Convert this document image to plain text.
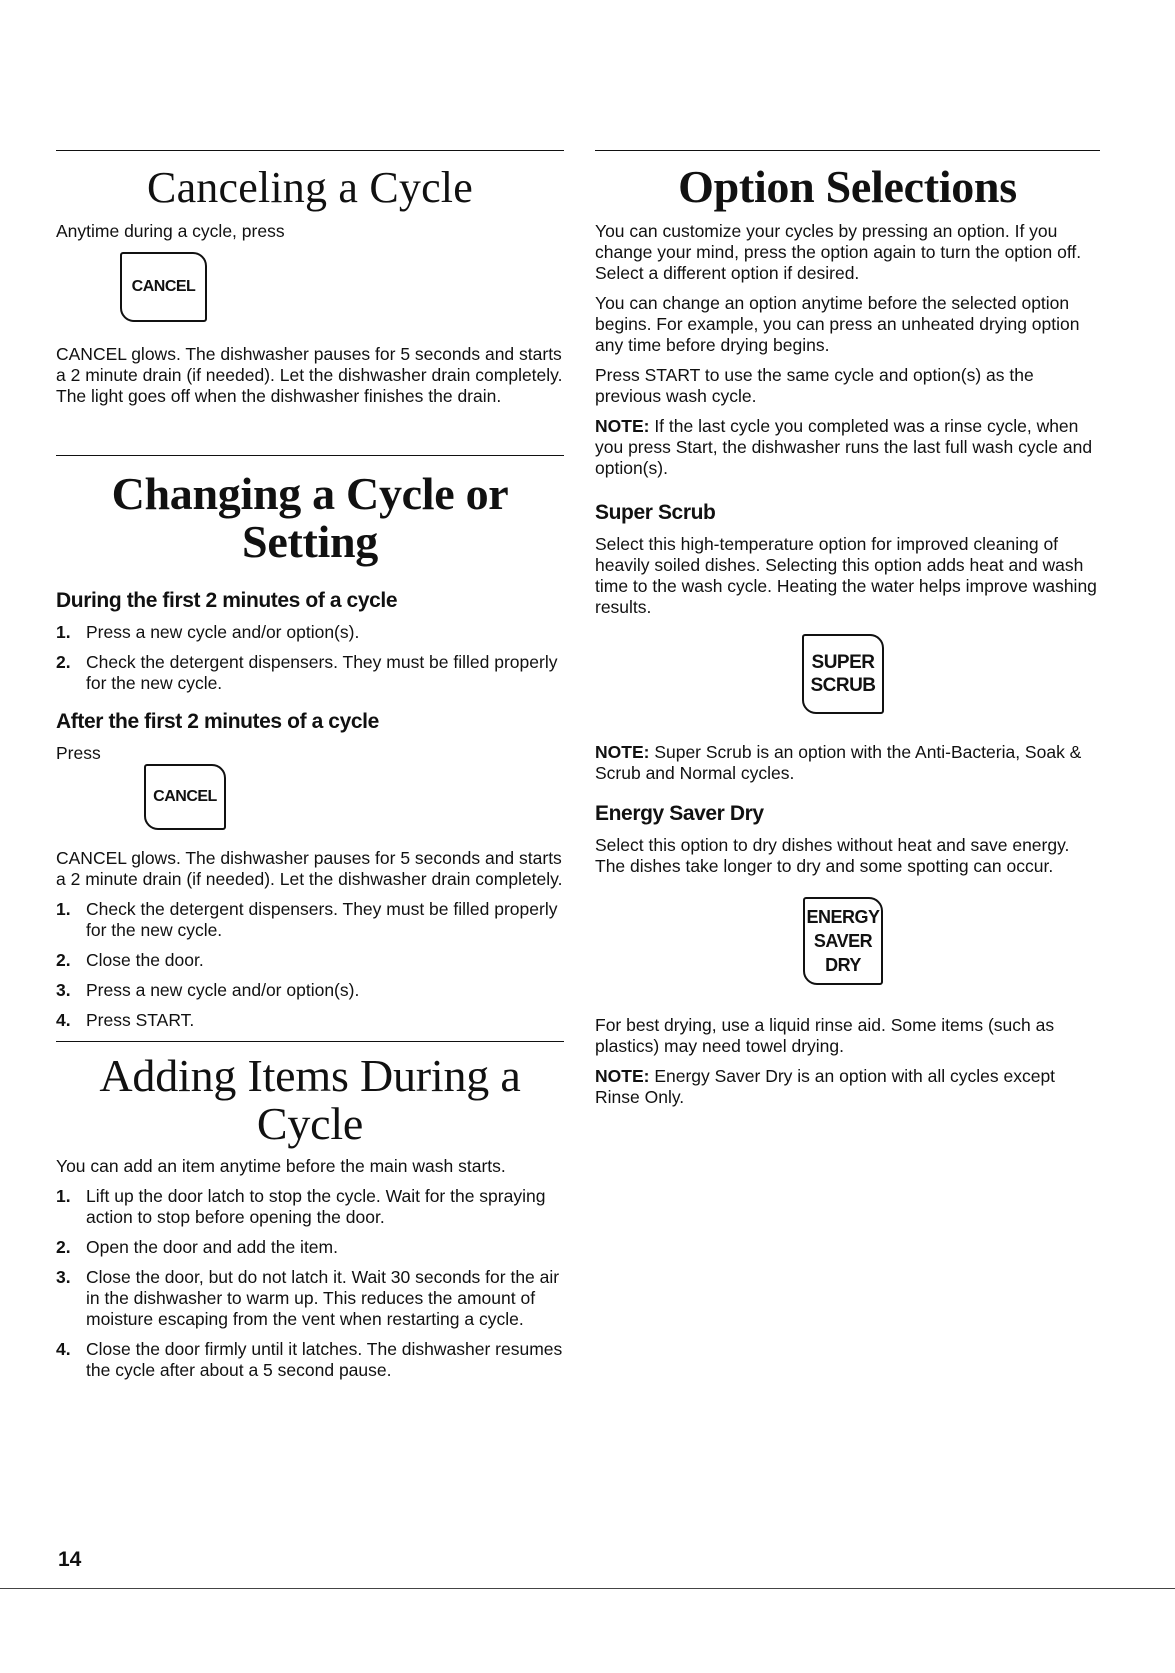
Canceling a Cycle

Anytime during a cycle, press

CANCEL

CANCEL glows. The dishwasher pauses for 5 seconds and starts a 2 minute drain (if needed). Let the dishwasher drain completely. The light goes off when the dishwasher finishes the drain.

Changing a Cycle or Setting
During the first 2 minutes of a cycle
1. Press a new cycle and/or option(s).
2. Check the detergent dispensers. They must be filled properly for the new cycle.
After the first 2 minutes of a cycle

Press

CANCEL

CANCEL glows. The dishwasher pauses for 5 seconds and starts a 2 minute drain (if needed). Let the dishwasher drain completely.

1. Check the detergent dispensers. They must be filled properly for the new cycle.
2. Close the door.
3. Press a new cycle and/or option(s).
4. Press START.
Adding Items During a Cycle

You can add an item anytime before the main wash starts.

1. Lift up the door latch to stop the cycle. Wait for the spraying action to stop before opening the door.
2. Open the door and add the item.
3. Close the door, but do not latch it. Wait 30 seconds for the air in the dishwasher to warm up. This reduces the amount of moisture escaping from the vent when restarting a cycle.
4. Close the door firmly until it latches. The dishwasher resumes the cycle after about a 5 second pause.
Option Selections

You can customize your cycles by pressing an option. If you change your mind, press the option again to turn the option off. Select a different option if desired.

You can change an option anytime before the selected option begins. For example, you can press an unheated drying option any time before drying begins.

Press START to use the same cycle and option(s) as the previous wash cycle.

NOTE: If the last cycle you completed was a rinse cycle, when you press Start, the dishwasher runs the last full wash cycle and option(s).

Super Scrub

Select this high-temperature option for improved cleaning of heavily soiled dishes. Selecting this option adds heat and wash time to the wash cycle. Heating the water helps improve washing results.

SUPER
SCRUB

NOTE: Super Scrub is an option with the Anti-Bacteria, Soak & Scrub and Normal cycles.

Energy Saver Dry

Select this option to dry dishes without heat and save energy. The dishes take longer to dry and some spotting can occur.

ENERGY
SAVER
DRY

For best drying, use a liquid rinse aid. Some items (such as plastics) may need towel drying.

NOTE: Energy Saver Dry is an option with all cycles except Rinse Only.

14
